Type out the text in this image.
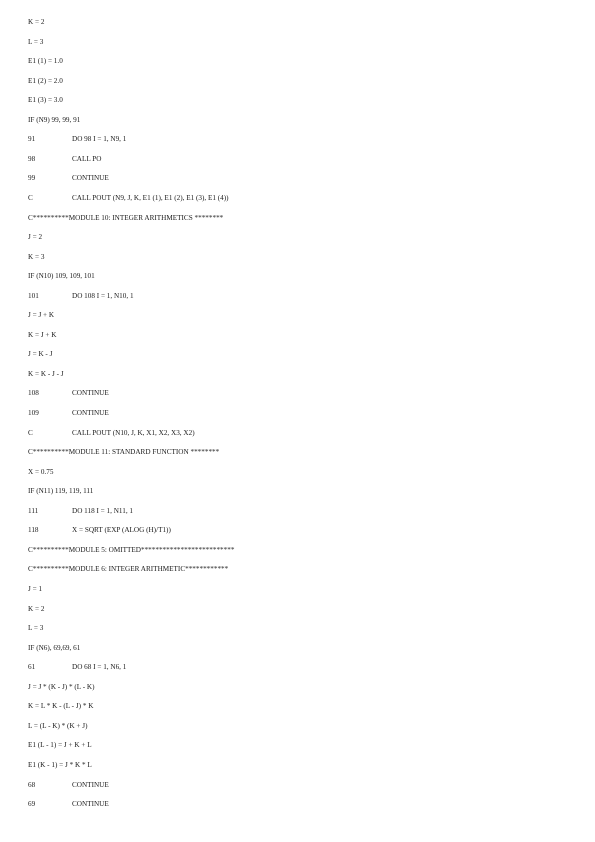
K = 2
L = 3
E1 (1) = 1.0
E1 (2) = 2.0
E1 (3) = 3.0
IF (N9) 99, 99, 91
91	DO 98 I = 1, N9, 1
98	CALL PO
99	CONTINUE
C	CALL POUT (N9, J, K, E1 (1), E1 (2), E1 (3), E1 (4))
C**********MODULE 10: INTEGER ARITHMETICS ********
J = 2
K = 3
IF (N10) 109, 109, 101
101	DO 108 I = 1, N10, 1
J = J + K
K = J + K
J = K - J
K = K - J - J
108	CONTINUE
109	CONTINUE
C	CALL POUT (N10, J, K, X1, X2, X3, X2)
C**********MODULE 11: STANDARD FUNCTION ********
X = 0.75
IF (N11) 119, 119, 111
111	DO 118 I = 1, N11, 1
118	X = SQRT (EXP (ALOG (H)/T1))
C**********MODULE 5: OMITTED**************************
C**********MODULE 6: INTEGER ARITHMETIC************
J = 1
K = 2
L = 3
IF (N6), 69,69, 61
61	DO 68 I = 1, N6, 1
J = J * (K - J) * (L - K)
K = L * K - (L - J) * K
L = (L - K) * (K + J)
E1 (L - 1) = J + K + L
E1 (K - 1) = J * K * L
68	CONTINUE
69	CONTINUE
